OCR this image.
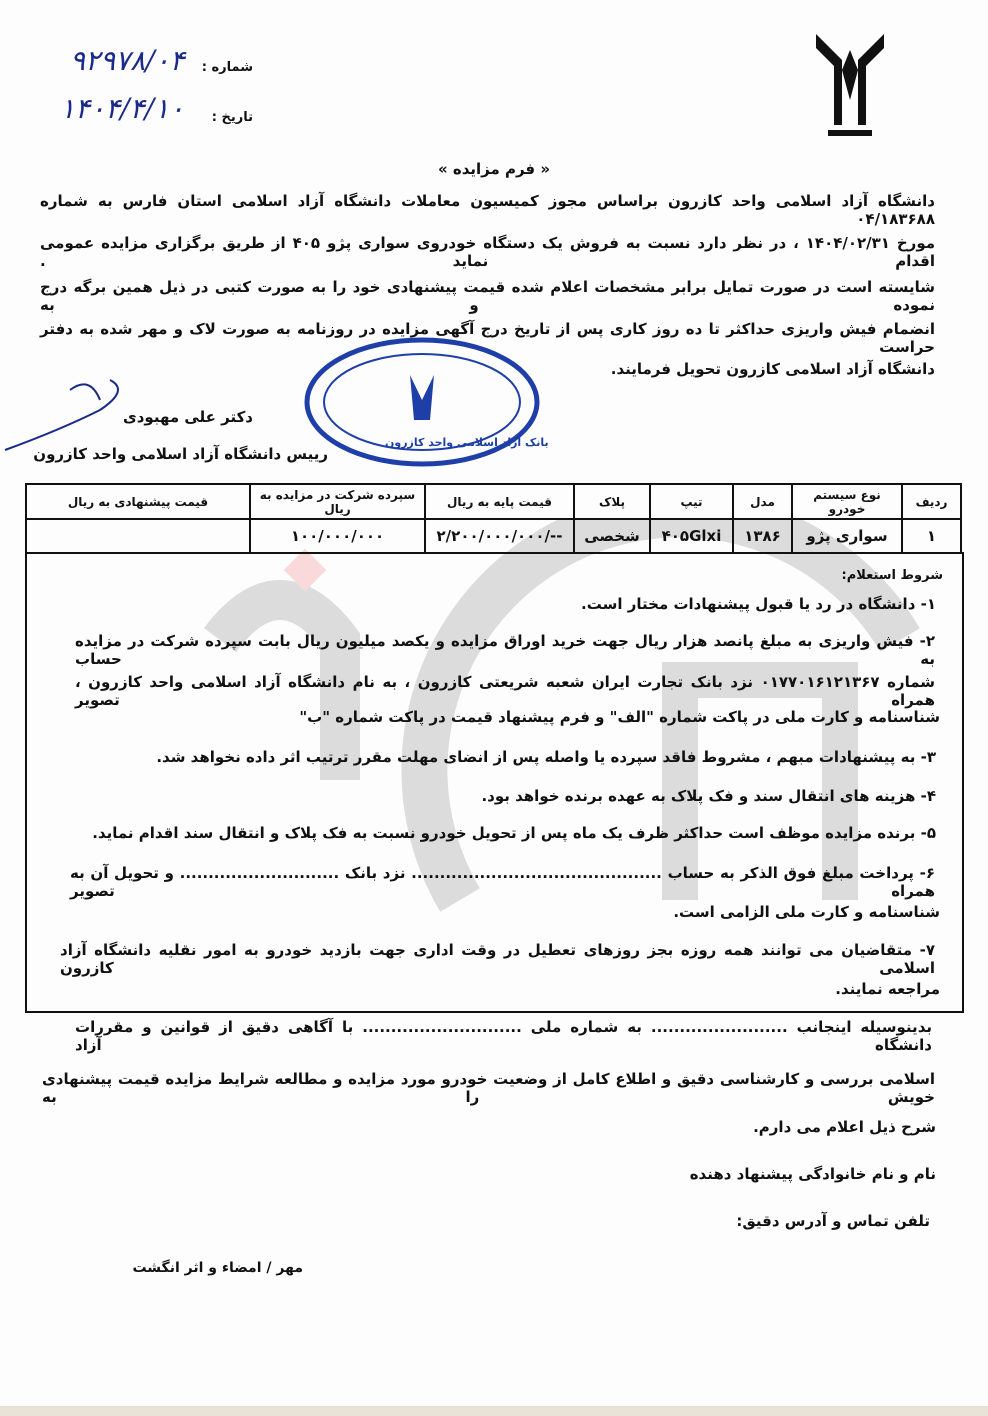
شماره :
۹۲۹۷۸/۰۴
تاریخ :
۱۴۰۴/۴/۱۰
« فرم مزایده »
دانشگاه آزاد اسلامی واحد کازرون براساس مجوز کمیسیون معاملات دانشگاه آزاد اسلامی استان فارس به شماره ۰۴/۱۸۳۶۸۸
مورخ ۱۴۰۴/۰۲/۳۱ ، در نظر دارد نسبت به فروش یک دستگاه خودروی سواری پژو ۴۰۵ از طریق برگزاری مزایده عمومی اقدام نماید .
شایسته است در صورت تمایل برابر مشخصات اعلام شده قیمت پیشنهادی خود را به صورت کتبی در ذیل همین برگه درج نموده و به
انضمام فیش واریزی حداکثر تا ده روز کاری پس از تاریخ درج آگهی مزایده در روزنامه به صورت لاک و مهر شده به دفتر حراست
دانشگاه آزاد اسلامی کازرون تحویل فرمایند.
بانک آزاد اسلامی واحد کازرون
دکتر علی مهبودی
رییس دانشگاه آزاد اسلامی واحد کازرون
ردیف	نوع سیستم خودرو	مدل	تیپ	پلاک	قیمت پایه به ریال	سپرده شرکت در مزایده به ریال	قیمت پیشنهادی به ریال
۱	سواری پژو	۱۳۸۶	۴۰۵Glxi	شخصی	۲/۲۰۰/۰۰۰/۰۰۰/--	۱۰۰/۰۰۰/۰۰۰	
شروط استعلام:
۱- دانشگاه در رد یا قبول پیشنهادات مختار است.
۲- فیش واریزی به مبلغ پانصد هزار ریال جهت خرید اوراق مزایده و یکصد میلیون ریال بابت سپرده شرکت در مزایده به حساب
شماره ۰۱۷۷۰۱۶۱۲۱۳۶۷ نزد بانک تجارت ایران شعبه شریعتی کازرون ، به نام دانشگاه آزاد اسلامی واحد کازرون ، همراه تصویر
شناسنامه و کارت ملی در پاکت شماره "الف" و فرم پیشنهاد قیمت در پاکت شماره "ب"
۳- به پیشنهادات مبهم ، مشروط فاقد سپرده یا واصله پس از انضای مهلت مقرر ترتیب اثر داده نخواهد شد.
۴- هزینه های انتقال سند و فک پلاک به عهده برنده خواهد بود.
۵- برنده مزایده موظف است حداکثر ظرف یک ماه پس از تحویل خودرو نسبت به فک پلاک و انتقال سند اقدام نماید.
۶- پرداخت مبلغ فوق الذکر به حساب ............................................ نزد بانک ............................ و تحویل آن به همراه تصویر
شناسنامه و کارت ملی الزامی است.
۷- متقاضیان می توانند همه روزه بجز روزهای تعطیل در وقت اداری جهت بازدید خودرو به امور نقلیه دانشگاه آزاد اسلامی کازرون
مراجعه نمایند.
بدینوسیله اینجانب ........................ به شماره ملی ............................ با آگاهی دقیق از قوانین و مقررات دانشگاه آزاد
اسلامی بررسی و کارشناسی دقیق و اطلاع کامل از وضعیت خودرو مورد مزایده و مطالعه شرایط مزایده قیمت پیشنهادی خویش را به
شرح ذیل اعلام می دارم.
نام و نام خانوادگی پیشنهاد دهنده
تلفن تماس و آدرس دقیق:
مهر / امضاء و اثر انگشت
